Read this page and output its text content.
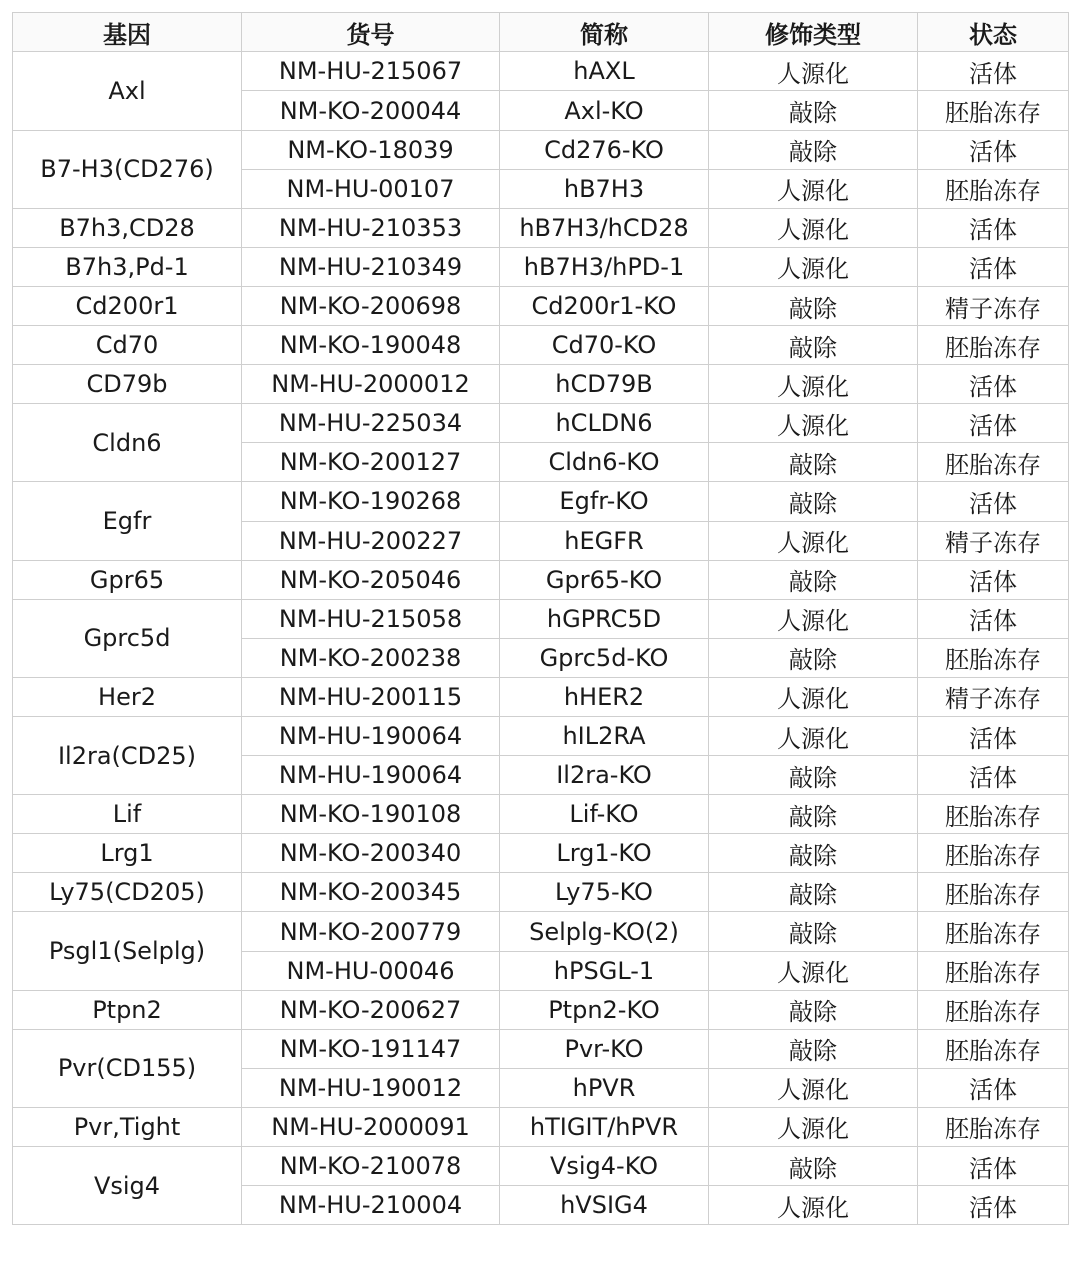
基因	货号	简称	修饰类型	状态
Axl	NM-HU-215067	hAXL	人源化	活体
	NM-KO-200044	Axl-KO	敲除	胚胎冻存
B7-H3(CD276)	NM-KO-18039	Cd276-KO	敲除	活体
	NM-HU-00107	hB7H3	人源化	胚胎冻存
B7h3,CD28	NM-HU-210353	hB7H3/hCD28	人源化	活体
B7h3,Pd-1	NM-HU-210349	hB7H3/hPD-1	人源化	活体
Cd200r1	NM-KO-200698	Cd200r1-KO	敲除	精子冻存
Cd70	NM-KO-190048	Cd70-KO	敲除	胚胎冻存
CD79b	NM-HU-2000012	hCD79B	人源化	活体
Cldn6	NM-HU-225034	hCLDN6	人源化	活体
	NM-KO-200127	Cldn6-KO	敲除	胚胎冻存
Egfr	NM-KO-190268	Egfr-KO	敲除	活体
	NM-HU-200227	hEGFR	人源化	精子冻存
Gpr65	NM-KO-205046	Gpr65-KO	敲除	活体
Gprc5d	NM-HU-215058	hGPRC5D	人源化	活体
	NM-KO-200238	Gprc5d-KO	敲除	胚胎冻存
Her2	NM-HU-200115	hHER2	人源化	精子冻存
Il2ra(CD25)	NM-HU-190064	hIL2RA	人源化	活体
	NM-HU-190064	Il2ra-KO	敲除	活体
Lif	NM-KO-190108	Lif-KO	敲除	胚胎冻存
Lrg1	NM-KO-200340	Lrg1-KO	敲除	胚胎冻存
Ly75(CD205)	NM-KO-200345	Ly75-KO	敲除	胚胎冻存
Psgl1(Selplg)	NM-KO-200779	Selplg-KO(2)	敲除	胚胎冻存
	NM-HU-00046	hPSGL-1	人源化	胚胎冻存
Ptpn2	NM-KO-200627	Ptpn2-KO	敲除	胚胎冻存
Pvr(CD155)	NM-KO-191147	Pvr-KO	敲除	胚胎冻存
	NM-HU-190012	hPVR	人源化	活体
Pvr,Tight	NM-HU-2000091	hTIGIT/hPVR	人源化	胚胎冻存
Vsig4	NM-KO-210078	Vsig4-KO	敲除	活体
	NM-HU-210004	hVSIG4	人源化	活体
